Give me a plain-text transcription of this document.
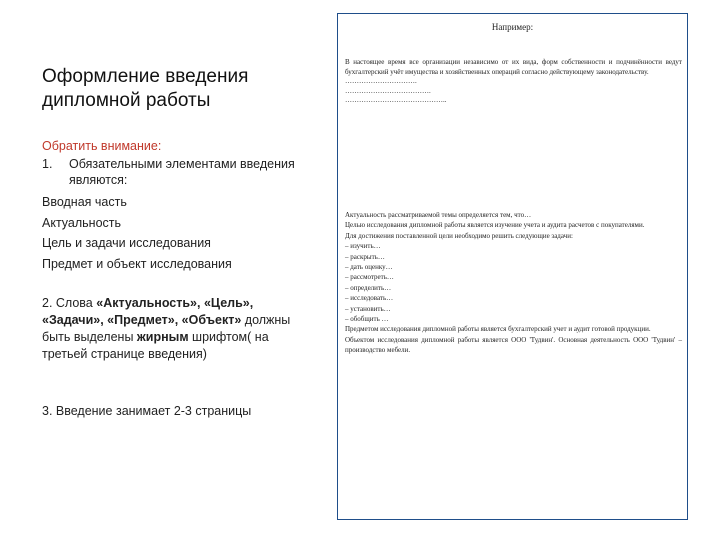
Оформление введения дипломной работы
Обратить внимание:
1.	Обязательными элементами введения являются:
Вводная часть
Актуальность
Цель и задачи исследования
Предмет и объект исследования
2. Слова «Актуальность», «Цель», «Задачи», «Предмет», «Объект» должны быть выделены жирным шрифтом( на третьей странице введения)
3. Введение занимает 2-3 страницы
Например:

В настоящее время все организации независимо от их вида, форм собственности и подчинённости ведут бухгалтерский учёт имущества и хозяйственных операций согласно действующему законодательству.

………………………….

……………………………….

……………………………………..

Актуальность рассматриваемой темы определяется тем, что…

Целью исследования дипломной работы является изучение учета и аудита расчетов с покупателями.

Для достижения поставленной цели необходимо решить следующие задачи:

– изучить…
– раскрыть…
– дать оценку…
– рассмотреть…
– определить…
– исследовать…
– установить…
– обобщить …

Предметом исследования дипломной работы является бухгалтерский учет и аудит готовой продукции.

Объектом исследования дипломной работы является ООО 'Тудвин'. Основная деятельность ООО 'Тудвин' – производство мебели.
